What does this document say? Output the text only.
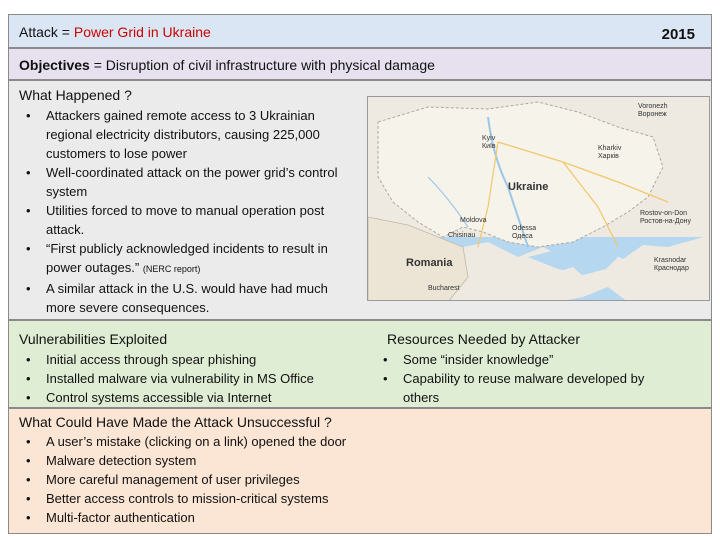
Attack = Power Grid in Ukraine	2015
Objectives = Disruption of civil infrastructure with physical damage
What Happened ?
• Attackers gained remote access to 3 Ukrainian regional electricity distributors, causing 225,000 customers to lose power
• Well-coordinated attack on the power grid’s control system
• Utilities forced to move to manual operation post attack.
• “First publicly acknowledged incidents to result in power outages.” (NERC report)
• A similar attack in the U.S. would have had much more severe consequences.
Ukraine
Romania
Moldova
Voronezh
Воронеж
Kyiv
Київ	Kharkiv
Харків
Chisinau
Odessa
Одеса
Rostov-on-Don
Ростов-на-Дону
Krasnodar
Краснодар
Bucharest
Vulnerabilities Exploited	Resources Needed by Attacker
• Initial access through spear phishing
• Installed malware via vulnerability in MS Office
• Control systems accessible via Internet
• Some “insider knowledge”
• Capability to reuse malware developed by others
What Could Have Made the Attack Unsuccessful ?
• A user’s mistake (clicking on a link) opened the door
• Malware detection system
• More careful management of user privileges
• Better access controls to mission-critical systems
• Multi-factor authentication
